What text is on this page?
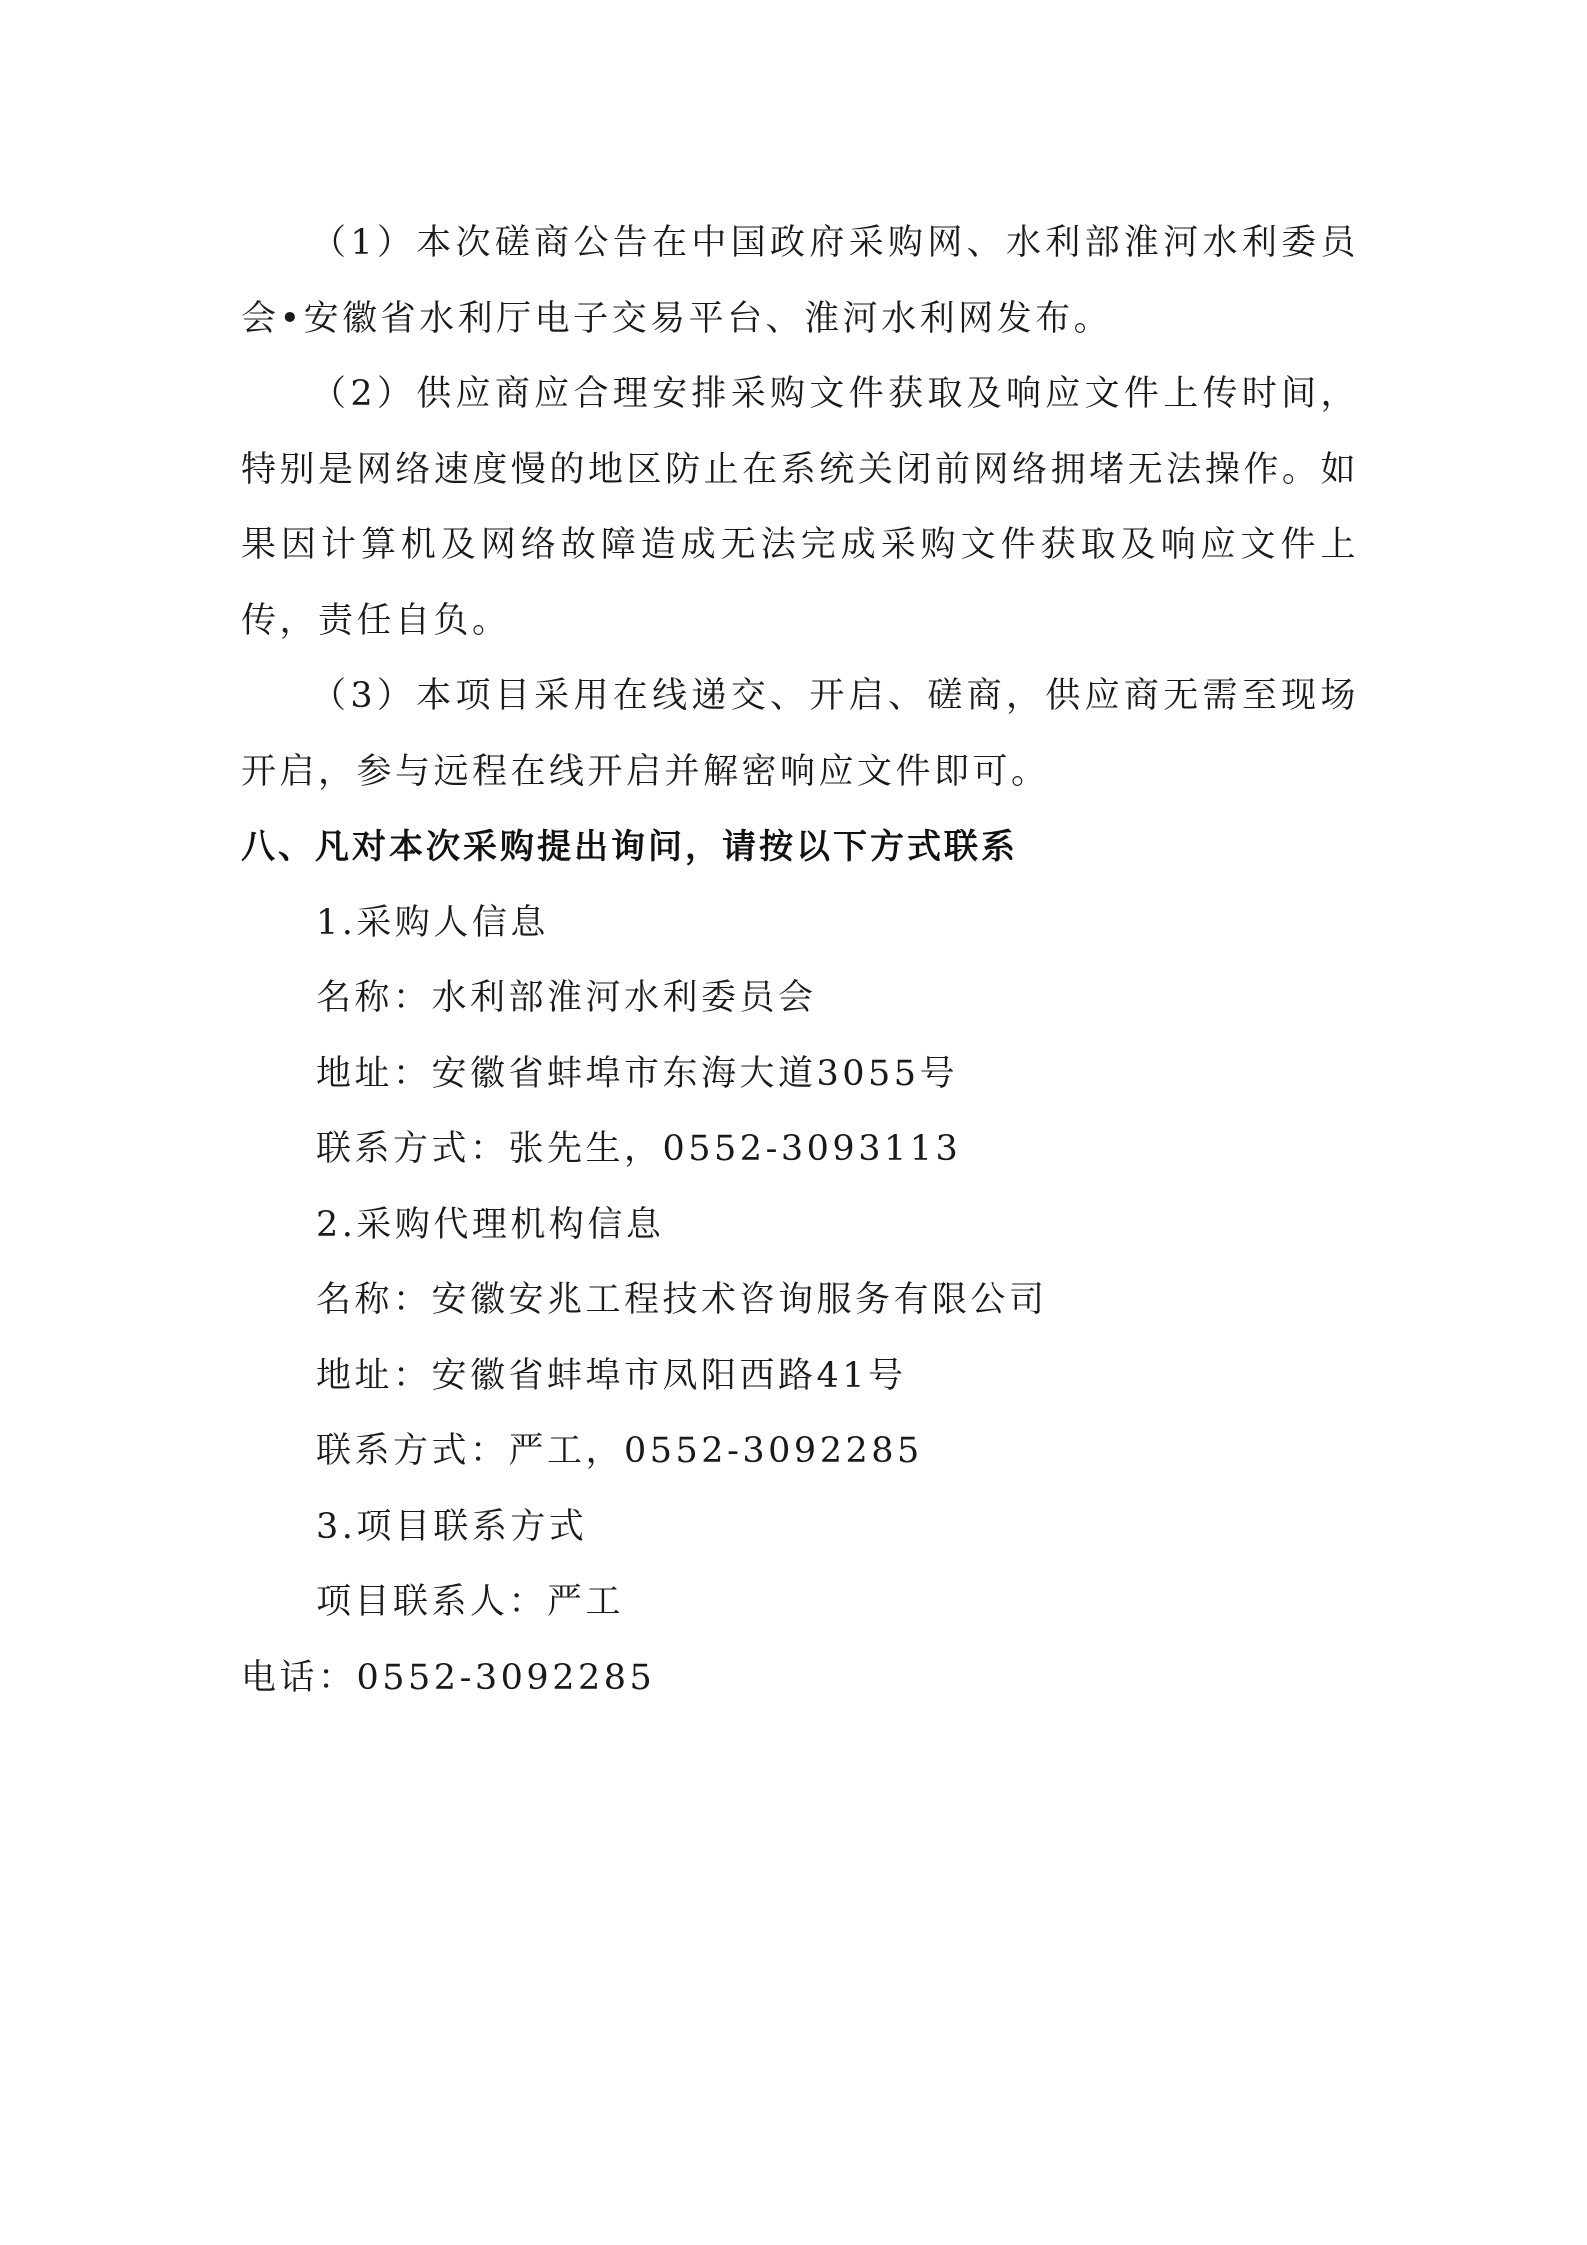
（1）本次磋商公告在中国政府采购网、水利部淮河水利委员会•安徽省水利厅电子交易平台、淮河水利网发布。

（2）供应商应合理安排采购文件获取及响应文件上传时间，特别是网络速度慢的地区防止在系统关闭前网络拥堵无法操作。如果因计算机及网络故障造成无法完成采购文件获取及响应文件上传，责任自负。

（3）本项目采用在线递交、开启、磋商，供应商无需至现场开启，参与远程在线开启并解密响应文件即可。

八、凡对本次采购提出询问，请按以下方式联系

1.采购人信息

名称：水利部淮河水利委员会

地址：安徽省蚌埠市东海大道3055号

联系方式：张先生，0552-3093113

2.采购代理机构信息

名称：安徽安兆工程技术咨询服务有限公司

地址：安徽省蚌埠市凤阳西路41号

联系方式：严工，0552-3092285

3.项目联系方式

项目联系人：严工

电话：0552-3092285
